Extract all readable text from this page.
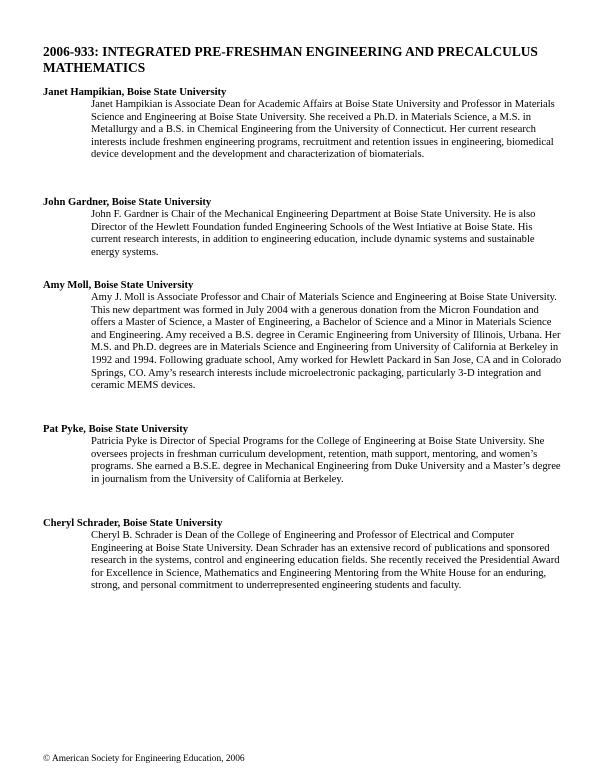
2006-933: INTEGRATED PRE-FRESHMAN ENGINEERING AND PRECALCULUS MATHEMATICS

Janet Hampikian, Boise State University

Janet Hampikian is Associate Dean for Academic Affairs at Boise State University and Professor in Materials Science and Engineering at Boise State University. She received a Ph.D. in Materials Science, a M.S. in Metallurgy and a B.S. in Chemical Engineering from the University of Connecticut. Her current research interests include freshmen engineering programs, recruitment and retention issues in engineering, biomedical device development and the development and characterization of biomaterials.

John Gardner, Boise State University

John F. Gardner is Chair of the Mechanical Engineering Department at Boise State University. He is also Director of the Hewlett Foundation funded Engineering Schools of the West Intiative at Boise State. His current research interests, in addition to engineering education, include dynamic systems and sustainable energy systems.

Amy Moll, Boise State University

Amy J. Moll is Associate Professor and Chair of Materials Science and Engineering at Boise State University. This new department was formed in July 2004 with a generous donation from the Micron Foundation and offers a Master of Science, a Master of Engineering, a Bachelor of Science and a Minor in Materials Science and Engineering. Amy received a B.S. degree in Ceramic Engineering from University of Illinois, Urbana. Her M.S. and Ph.D. degrees are in Materials Science and Engineering from University of California at Berkeley in 1992 and 1994. Following graduate school, Amy worked for Hewlett Packard in San Jose, CA and in Colorado Springs, CO. Amy’s research interests include microelectronic packaging, particularly 3-D integration and ceramic MEMS devices.

Pat Pyke, Boise State University

Patricia Pyke is Director of Special Programs for the College of Engineering at Boise State University. She oversees projects in freshman curriculum development, retention, math support, mentoring, and women’s programs. She earned a B.S.E. degree in Mechanical Engineering from Duke University and a Master’s degree in journalism from the University of California at Berkeley.

Cheryl Schrader, Boise State University

Cheryl B. Schrader is Dean of the College of Engineering and Professor of Electrical and Computer Engineering at Boise State University. Dean Schrader has an extensive record of publications and sponsored research in the systems, control and engineering education fields. She recently received the Presidential Award for Excellence in Science, Mathematics and Engineering Mentoring from the White House for an enduring, strong, and personal commitment to underrepresented engineering students and faculty.

© American Society for Engineering Education, 2006
